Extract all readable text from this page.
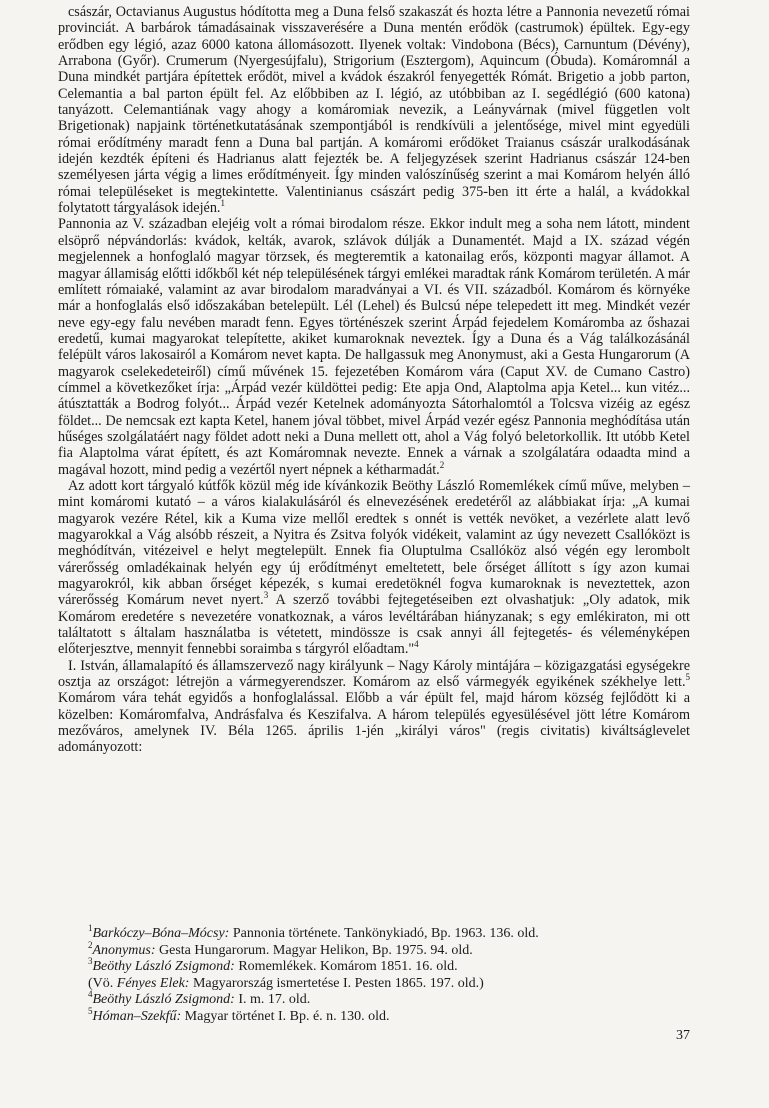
császár, Octavianus Augustus hódította meg a Duna felső szakaszát és hozta létre a Pannonia nevezetű római provinciát. A barbárok támadásainak visszaverésére a Duna mentén erődök (castrumok) épültek. Egy-egy erődben egy légió, azaz 6000 katona állomásozott. Ilyenek voltak: Vindobona (Bécs), Carnuntum (Dévény), Arrabona (Győr). Crumerum (Nyergesújfalu), Strigorium (Esztergom), Aquincum (Óbuda). Komáromnál a Duna mindkét partjára építettek erődöt, mivel a kvádok északról fenyegették Rómát. Brigetio a jobb parton, Celemantia a bal parton épült fel. Az előbbiben az I. légió, az utóbbiban az I. segédlégió (600 katona) tanyázott. Celemantiának vagy ahogy a komáromiak nevezik, a Leányvárnak (mivel független volt Brigetionak) napjaink történetkutatásának szempontjából is rendkívüli a jelentősége, mivel mint egyedüli római erődítmény maradt fenn a Duna bal partján. A komáromi erődöket Traianus császár uralkodásának idején kezdték építeni és Hadrianus alatt fejezték be. A feljegyzések szerint Hadrianus császár 124-ben személyesen járta végig a limes erődítményeit. Így minden valószínűség szerint a mai Komárom helyén álló római településeket is megtekintette. Valentinianus császárt pedig 375-ben itt érte a halál, a kvádokkal folytatott tárgyalások idején.$^1$

Pannonia az V. században elejéig volt a római birodalom része. Ekkor indult meg a soha nem látott, mindent elsöprő népvándorlás: kvádok, kelták, avarok, szlávok dúlják a Dunamentét. Majd a IX. század végén megjelennek a honfoglaló magyar törzsek, és megteremtik a katonailag erős, központi magyar államot. A magyar államiság előtti időkből két nép településének tárgyi emlékei maradtak ránk Komárom területén. A már említett rómaiaké, valamint az avar birodalom maradványai a VI. és VII. századból. Komárom és környéke már a honfoglalás első időszakában betelepült. Lél (Lehel) és Bulcsú népe telepedett itt meg. Mindkét vezér neve egy-egy falu nevében maradt fenn. Egyes történészek szerint Árpád fejedelem Komáromba az őshazai eredetű, kumai magyarokat telepítette, akiket kumaroknak neveztek. Így a Duna és a Vág találkozásánál felépült város lakosairól a Komárom nevet kapta. De hallgassuk meg Anonymust, aki a Gesta Hungarorum (A magyarok cselekedeteiről) című művének 15. fejezetében Komárom vára (Caput XV. de Cumano Castro) címmel a következőket írja: „Árpád vezér küldöttei pedig: Ete apja Ond, Alaptolma apja Ketel... kun vitéz... átúsztatták a Bodrog folyót... Árpád vezér Ketelnek adományozta Sátorhalomtól a Tolcsva vizéig az egész földet... De nemcsak ezt kapta Ketel, hanem jóval többet, mivel Árpád vezér egész Pannonia meghódítása után hűséges szolgálatáért nagy földet adott neki a Duna mellett ott, ahol a Vág folyó beletorkollik. Itt utóbb Ketel fia Alaptolma várat épített, és azt Komáromnak nevezte. Ennek a várnak a szolgálatára odaadta mind a magával hozott, mind pedig a vezértől nyert népnek a kétharmadát.$^2$

Az adott kort tárgyaló kútfők közül még ide kívánkozik Beöthy László Romemlékek című műve, melyben – mint komáromi kutató – a város kialakulásáról és elnevezésének eredetéről az alábbiakat írja: „A kumai magyarok vezére Rétel, kik a Kuma vize mellől eredtek s onnét is vették nevöket, a vezérlete alatt levő magyarokkal a Vág alsóbb részeit, a Nyitra és Zsitva folyók vidékeit, valamint az úgy nevezett Csallóközt is meghódítván, vitézeivel e helyt megtelepült. Ennek fia Oluptulma Csallóköz alsó végén egy lerombolt várerősség omladékainak helyén egy új erődítményt emeltetett, bele őrséget állított s így azon kumai magyarokról, kik abban őrséget képezék, s kumai eredetöknél fogva kumaroknak is neveztettek, azon várerősség Komárum nevet nyert.$^3$ A szerző további fejtegetéseiben ezt olvashatjuk: „Oly adatok, mik Komárom eredetére s nevezetére vonatkoznak, a város levéltárában hiányzanak; s egy emlékiraton, mi ott találtatott s általam használatba is vétetett, mindössze is csak annyi áll fejtegetés- és véleményképen előterjesztve, mennyit fennebbi soraimba s tárgyról előadtam."$^4$

I. István, államalapító és államszervező nagy királyunk – Nagy Károly mintájára – közigazgatási egységekre osztja az országot: létrejön a vármegyerendszer. Komárom az első vármegyék egyikének székhelye lett.$^5$ Komárom vára tehát egyidős a honfoglalással. Előbb a vár épült fel, majd három község fejlődött ki a közelben: Komáromfalva, Andrásfalva és Keszifalva. A három település egyesülésével jött létre Komárom mezőváros, amelynek IV. Béla 1265. április 1-jén „királyi város" (regis civitatis) kiváltságlevelet adományozott:

$^1$Barkóczy–Bóna–Mócsy: Pannonia története. Tankönykiadó, Bp. 1963. 136. old.
$^2$Anonymus: Gesta Hungarorum. Magyar Helikon, Bp. 1975. 94. old.
$^3$Beöthy László Zsigmond: Romemlékek. Komárom 1851. 16. old.
(Vö. Fényes Elek: Magyarország ismertetése I. Pesten 1865. 197. old.)
$^4$Beöthy László Zsigmond: I. m. 17. old.
$^5$Hóman–Szekfű: Magyar történet I. Bp. é. n. 130. old.
37
